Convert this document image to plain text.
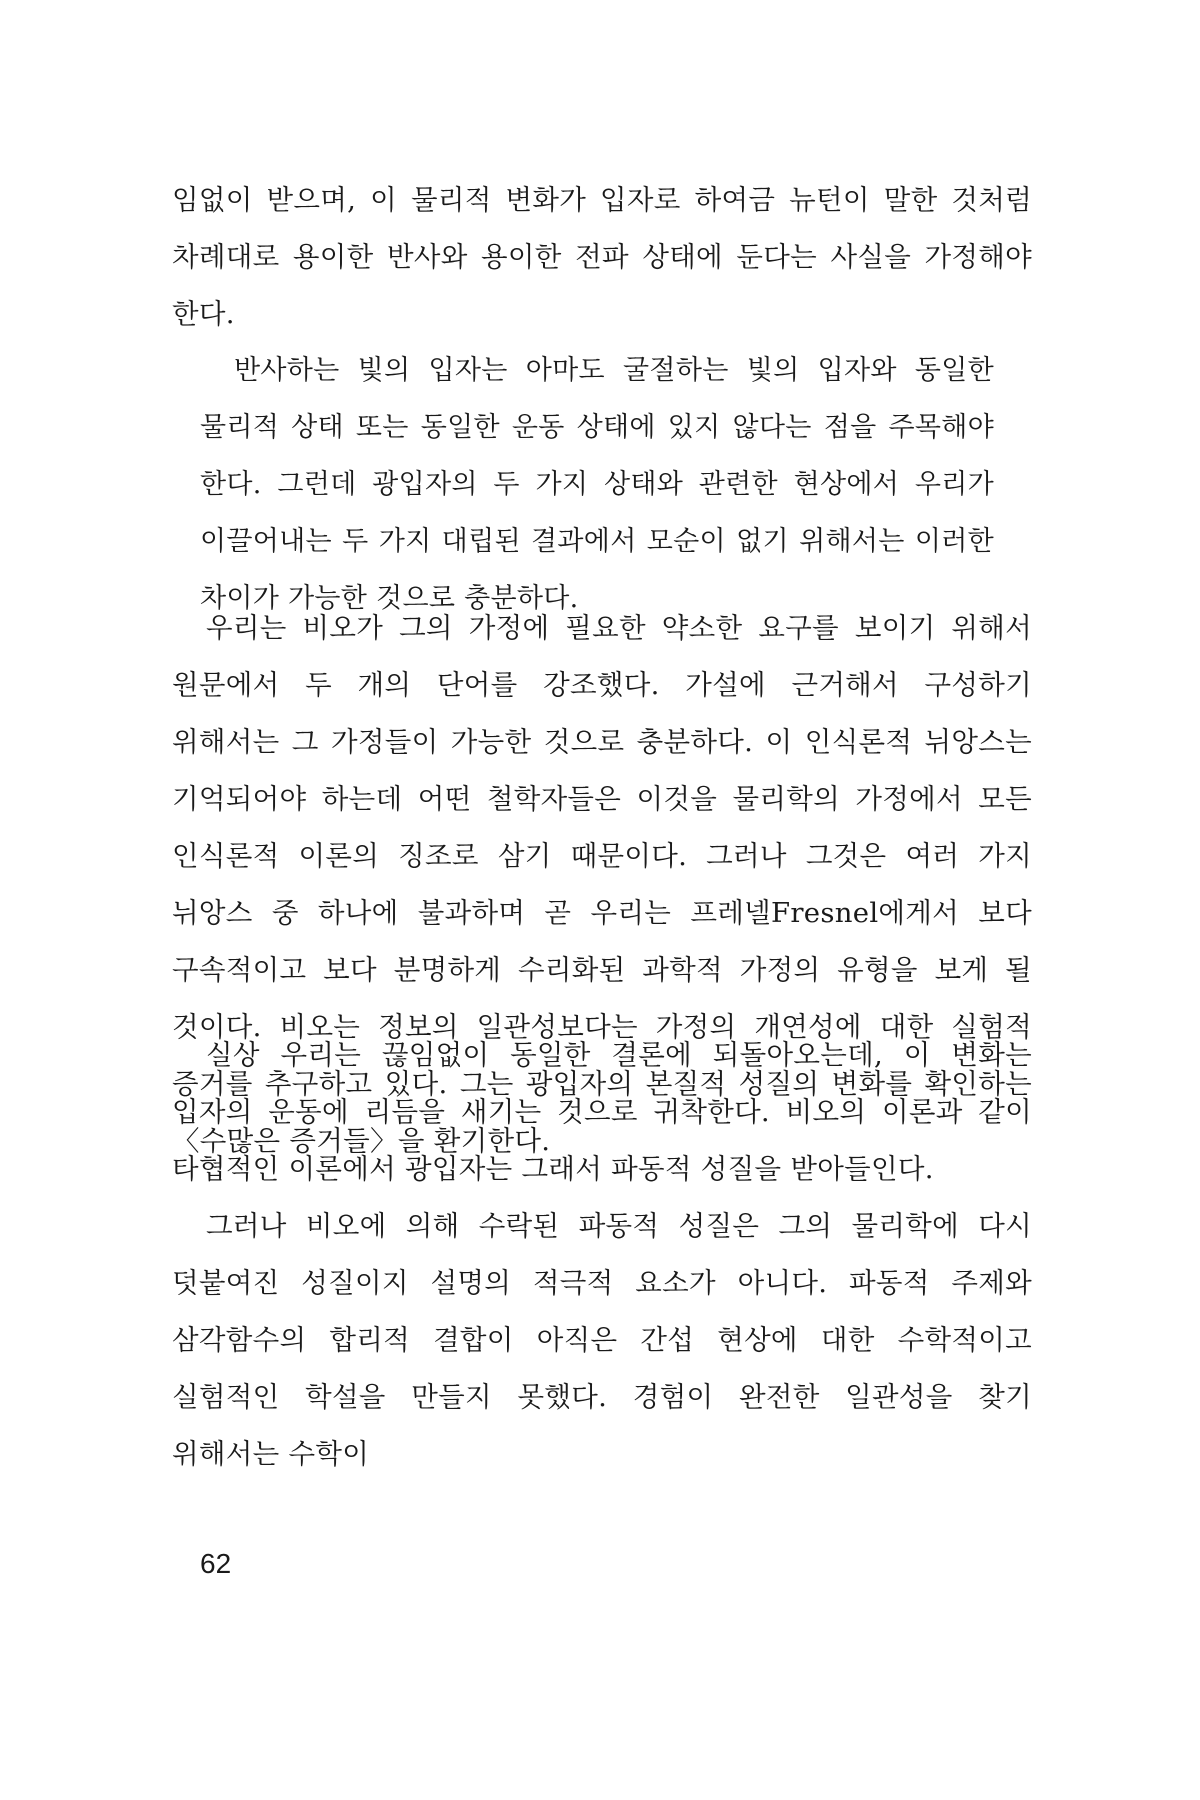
임없이 받으며, 이 물리적 변화가 입자로 하여금 뉴턴이 말한 것처럼 차례대로 용이한 반사와 용이한 전파 상태에 둔다는 사실을 가정해야 한다.

반사하는 빛의 입자는 아마도 굴절하는 빛의 입자와 동일한 물리적 상태 또는 동일한 운동 상태에 있지 않다는 점을 주목해야 한다. 그런데 광입자의 두 가지 상태와 관련한 현상에서 우리가 이끌어내는 두 가지 대립된 결과에서 모순이 없기 위해서는 이러한 차이가 가능한 것으로 충분하다.

우리는 비오가 그의 가정에 필요한 약소한 요구를 보이기 위해서 원문에서 두 개의 단어를 강조했다. 가설에 근거해서 구성하기 위해서는 그 가정들이 가능한 것으로 충분하다. 이 인식론적 뉘앙스는 기억되어야 하는데 어떤 철학자들은 이것을 물리학의 가정에서 모든 인식론적 이론의 징조로 삼기 때문이다. 그러나 그것은 여러 가지 뉘앙스 중 하나에 불과하며 곧 우리는 프레넬Fresnel에게서 보다 구속적이고 보다 분명하게 수리화된 과학적 가정의 유형을 보게 될 것이다. 비오는 정보의 일관성보다는 가정의 개연성에 대한 실험적 증거를 추구하고 있다. 그는 광입자의 본질적 성질의 변화를 확인하는 〈수많은 증거들〉을 환기한다.

실상 우리는 끊임없이 동일한 결론에 되돌아오는데, 이 변화는 입자의 운동에 리듬을 새기는 것으로 귀착한다. 비오의 이론과 같이 타협적인 이론에서 광입자는 그래서 파동적 성질을 받아들인다.

그러나 비오에 의해 수락된 파동적 성질은 그의 물리학에 다시 덧붙여진 성질이지 설명의 적극적 요소가 아니다. 파동적 주제와 삼각함수의 합리적 결합이 아직은 간섭 현상에 대한 수학적이고 실험적인 학설을 만들지 못했다. 경험이 완전한 일관성을 찾기 위해서는 수학이

62
